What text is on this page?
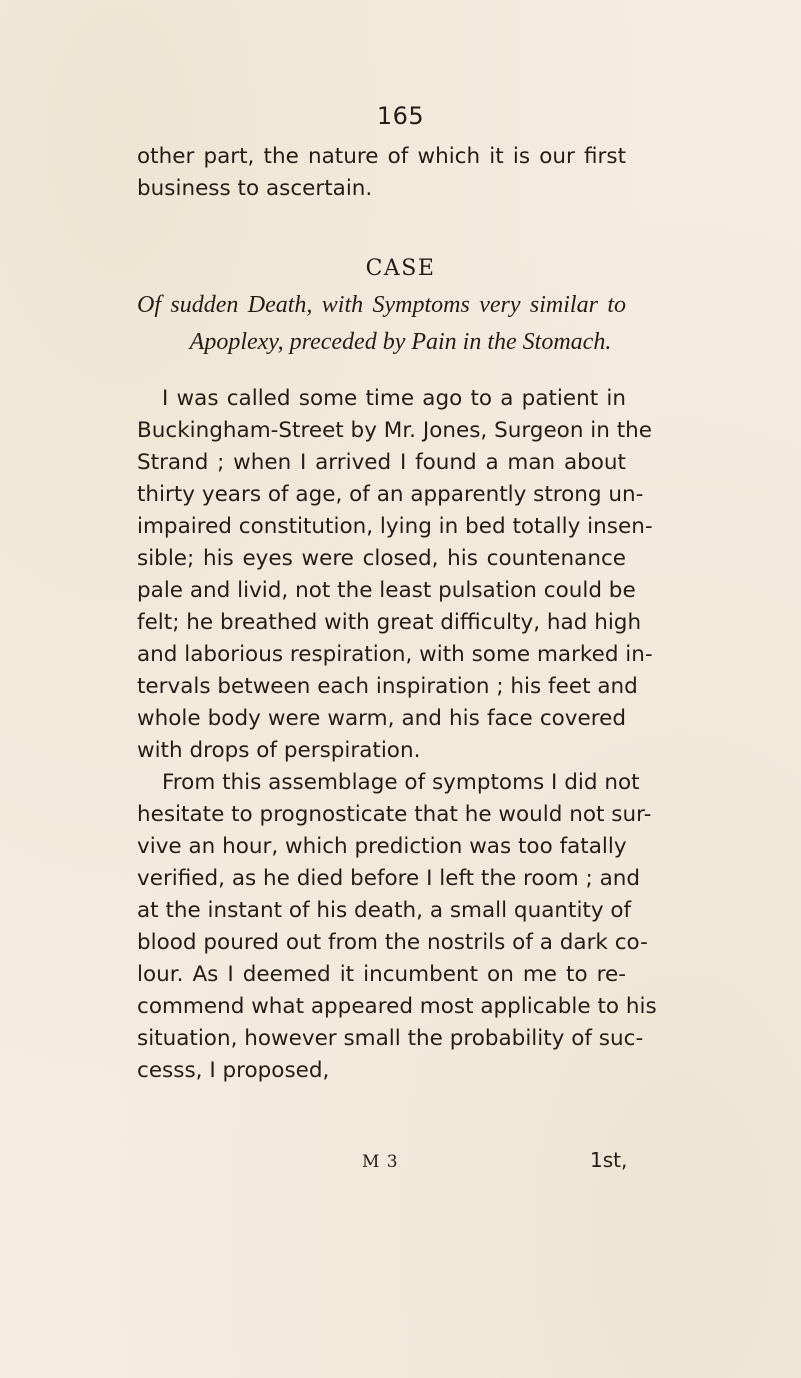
165
other part, the nature of which it is our first
business to ascertain.
CASE
Of sudden Death, with Symptoms very similar to
Apoplexy, preceded by Pain in the Stomach.
I was called some time ago to a patient in
Buckingham-Street by Mr. Jones, Surgeon in the
Strand ; when I arrived I found a man about
thirty years of age, of an apparently strong un-
impaired constitution, lying in bed totally insen-
sible; his eyes were closed, his countenance
pale and livid, not the least pulsation could be
felt; he breathed with great difficulty, had high
and laborious respiration, with some marked in-
tervals between each inspiration ; his feet and
whole body were warm, and his face covered
with drops of perspiration.
From this assemblage of symptoms I did not
hesitate to prognosticate that he would not sur-
vive an hour, which prediction was too fatally
verified, as he died before I left the room ; and
at the instant of his death, a small quantity of
blood poured out from the nostrils of a dark co-
lour. As I deemed it incumbent on me to re-
commend what appeared most applicable to his
situation, however small the probability of suc-
cesss, I proposed,
M 3	1st,
